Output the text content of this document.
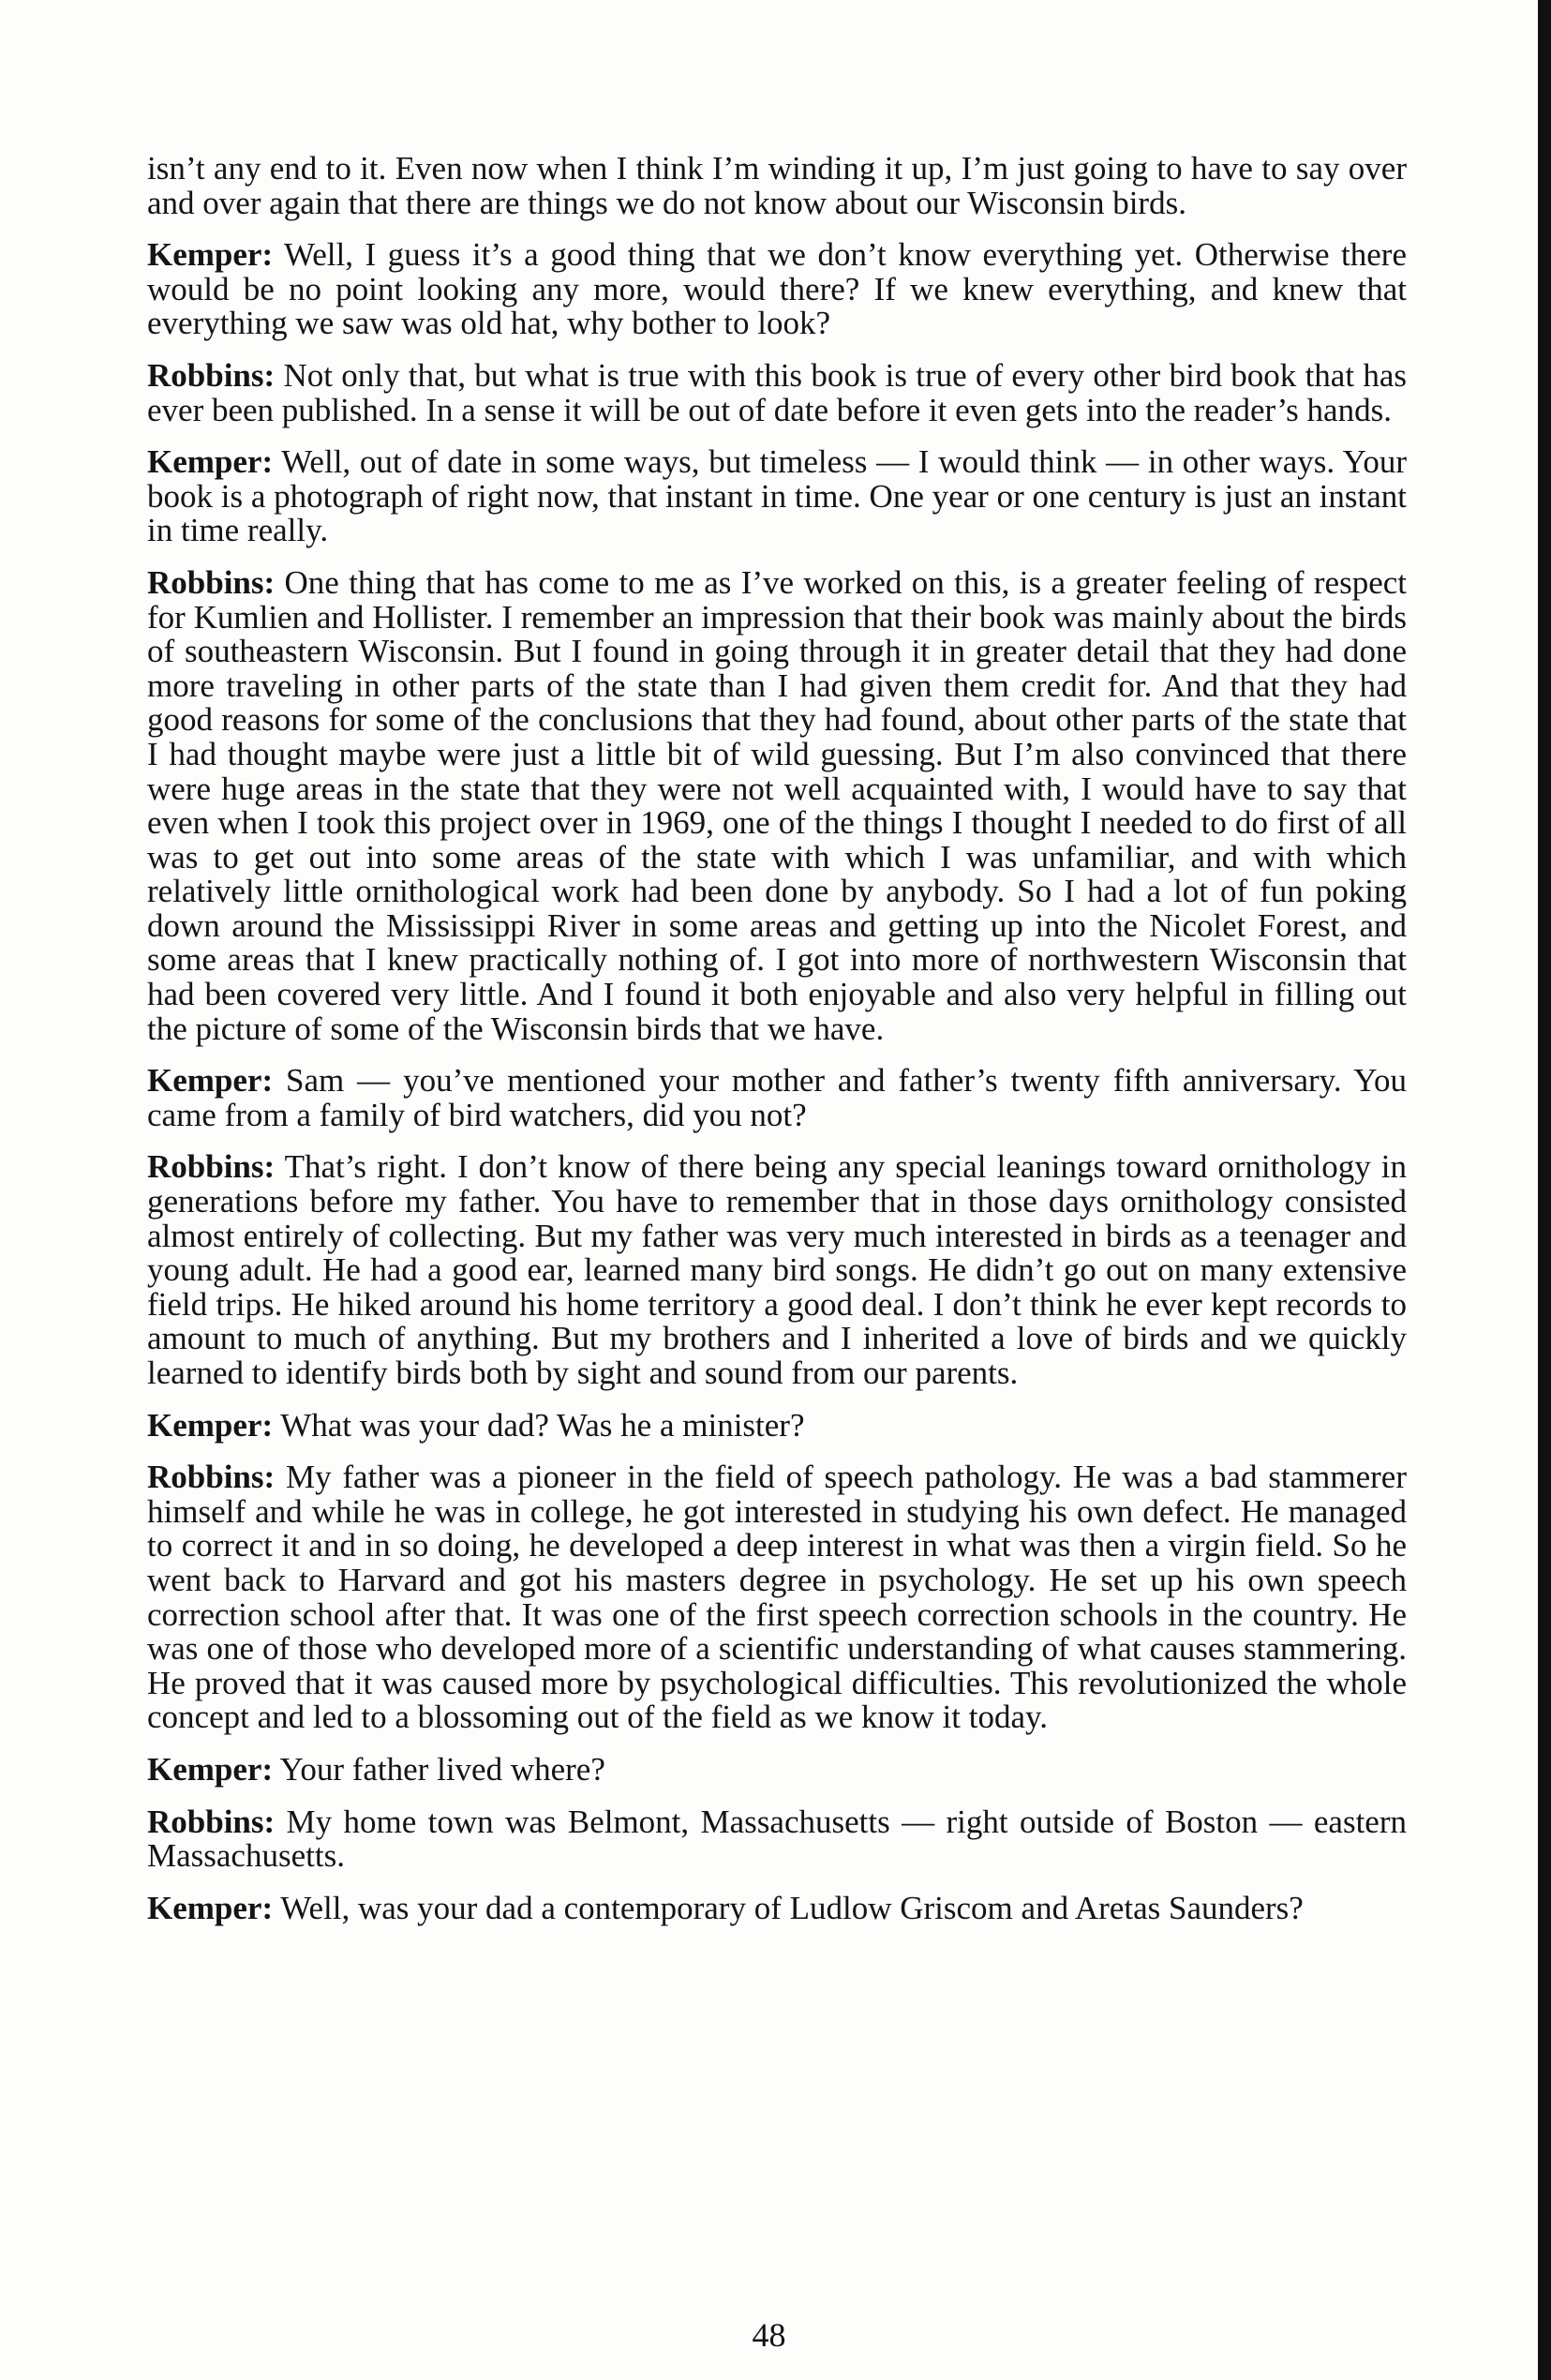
isn’t any end to it. Even now when I think I’m winding it up, I’m just going to have to say over and over again that there are things we do not know about our Wisconsin birds.

Kemper: Well, I guess it’s a good thing that we don’t know everything yet. Otherwise there would be no point looking any more, would there? If we knew everything, and knew that everything we saw was old hat, why bother to look?

Robbins: Not only that, but what is true with this book is true of every other bird book that has ever been published. In a sense it will be out of date before it even gets into the reader’s hands.

Kemper: Well, out of date in some ways, but timeless — I would think — in other ways. Your book is a photograph of right now, that instant in time. One year or one century is just an instant in time really.

Robbins: One thing that has come to me as I’ve worked on this, is a greater feeling of respect for Kumlien and Hollister. I remember an impression that their book was mainly about the birds of southeastern Wisconsin. But I found in going through it in greater detail that they had done more traveling in other parts of the state than I had given them credit for. And that they had good reasons for some of the conclusions that they had found, about other parts of the state that I had thought maybe were just a little bit of wild guessing. But I’m also convinced that there were huge areas in the state that they were not well acquainted with, I would have to say that even when I took this project over in 1969, one of the things I thought I needed to do first of all was to get out into some areas of the state with which I was unfamiliar, and with which relatively little ornithological work had been done by anybody. So I had a lot of fun poking down around the Mississippi River in some areas and getting up into the Nicolet Forest, and some areas that I knew practically nothing of. I got into more of northwestern Wisconsin that had been covered very little. And I found it both enjoyable and also very helpful in filling out the picture of some of the Wisconsin birds that we have.

Kemper: Sam — you’ve mentioned your mother and father’s twenty fifth anniversary. You came from a family of bird watchers, did you not?

Robbins: That’s right. I don’t know of there being any special leanings toward ornithology in generations before my father. You have to remember that in those days ornithology consisted almost entirely of collecting. But my father was very much interested in birds as a teenager and young adult. He had a good ear, learned many bird songs. He didn’t go out on many extensive field trips. He hiked around his home territory a good deal. I don’t think he ever kept records to amount to much of anything. But my brothers and I inherited a love of birds and we quickly learned to identify birds both by sight and sound from our parents.

Kemper: What was your dad? Was he a minister?

Robbins: My father was a pioneer in the field of speech pathology. He was a bad stammerer himself and while he was in college, he got interested in studying his own defect. He managed to correct it and in so doing, he developed a deep interest in what was then a virgin field. So he went back to Harvard and got his masters degree in psychology. He set up his own speech correction school after that. It was one of the first speech correction schools in the country. He was one of those who developed more of a scientific understanding of what causes stammering. He proved that it was caused more by psychological difficulties. This revolutionized the whole concept and led to a blossoming out of the field as we know it today.

Kemper: Your father lived where?

Robbins: My home town was Belmont, Massachusetts — right outside of Boston — eastern Massachusetts.

Kemper: Well, was your dad a contemporary of Ludlow Griscom and Aretas Saunders?

48
